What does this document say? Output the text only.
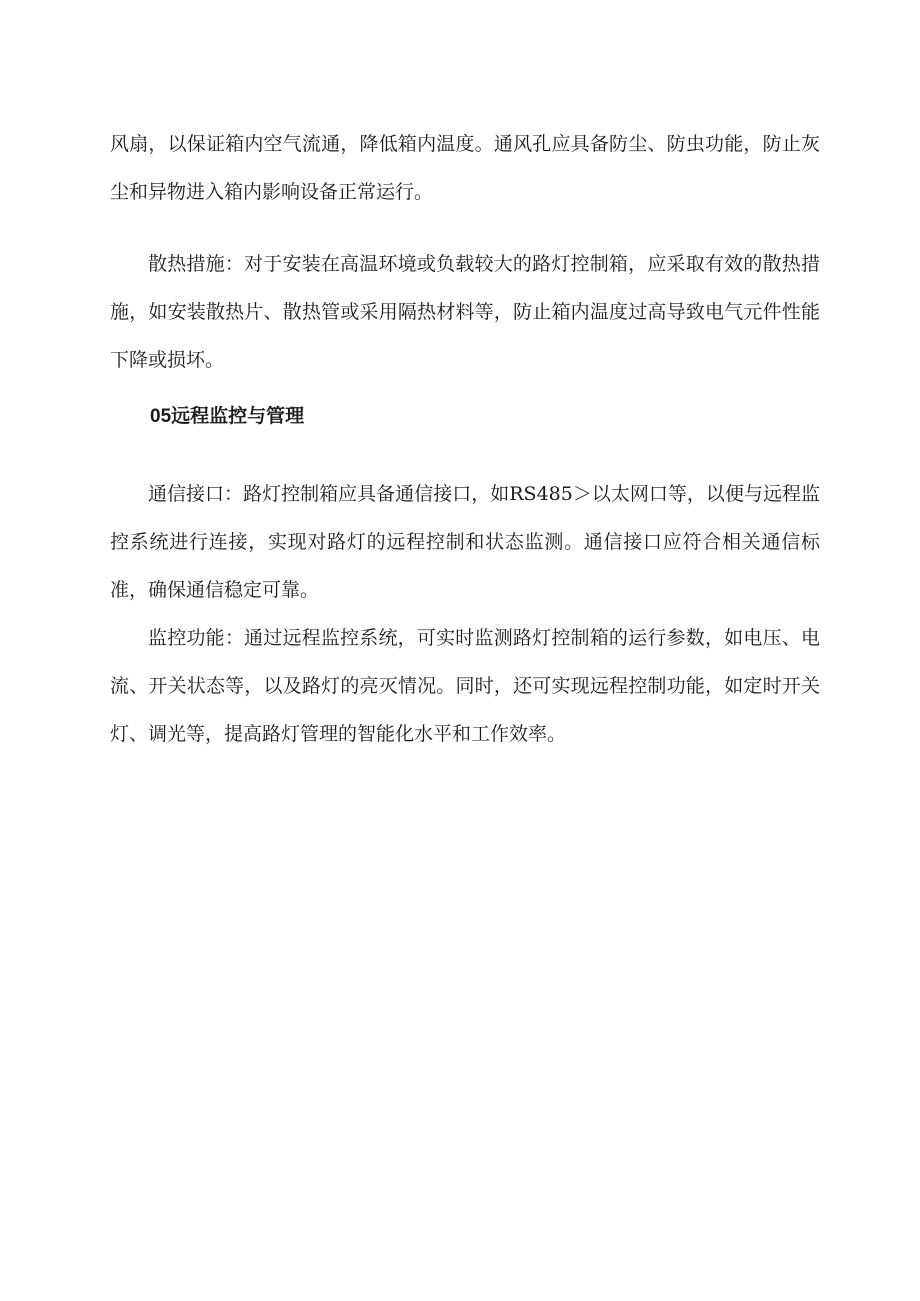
风扇，以保证箱内空气流通，降低箱内温度。通风孔应具备防尘、防虫功能，防止灰尘和异物进入箱内影响设备正常运行。

散热措施：对于安装在高温环境或负载较大的路灯控制箱，应采取有效的散热措施，如安装散热片、散热管或采用隔热材料等，防止箱内温度过高导致电气元件性能下降或损坏。

05远程监控与管理

通信接口：路灯控制箱应具备通信接口，如RS485＞以太网口等，以便与远程监控系统进行连接，实现对路灯的远程控制和状态监测。通信接口应符合相关通信标准，确保通信稳定可靠。

监控功能：通过远程监控系统，可实时监测路灯控制箱的运行参数，如电压、电流、开关状态等，以及路灯的亮灭情况。同时，还可实现远程控制功能，如定时开关灯、调光等，提高路灯管理的智能化水平和工作效率。
